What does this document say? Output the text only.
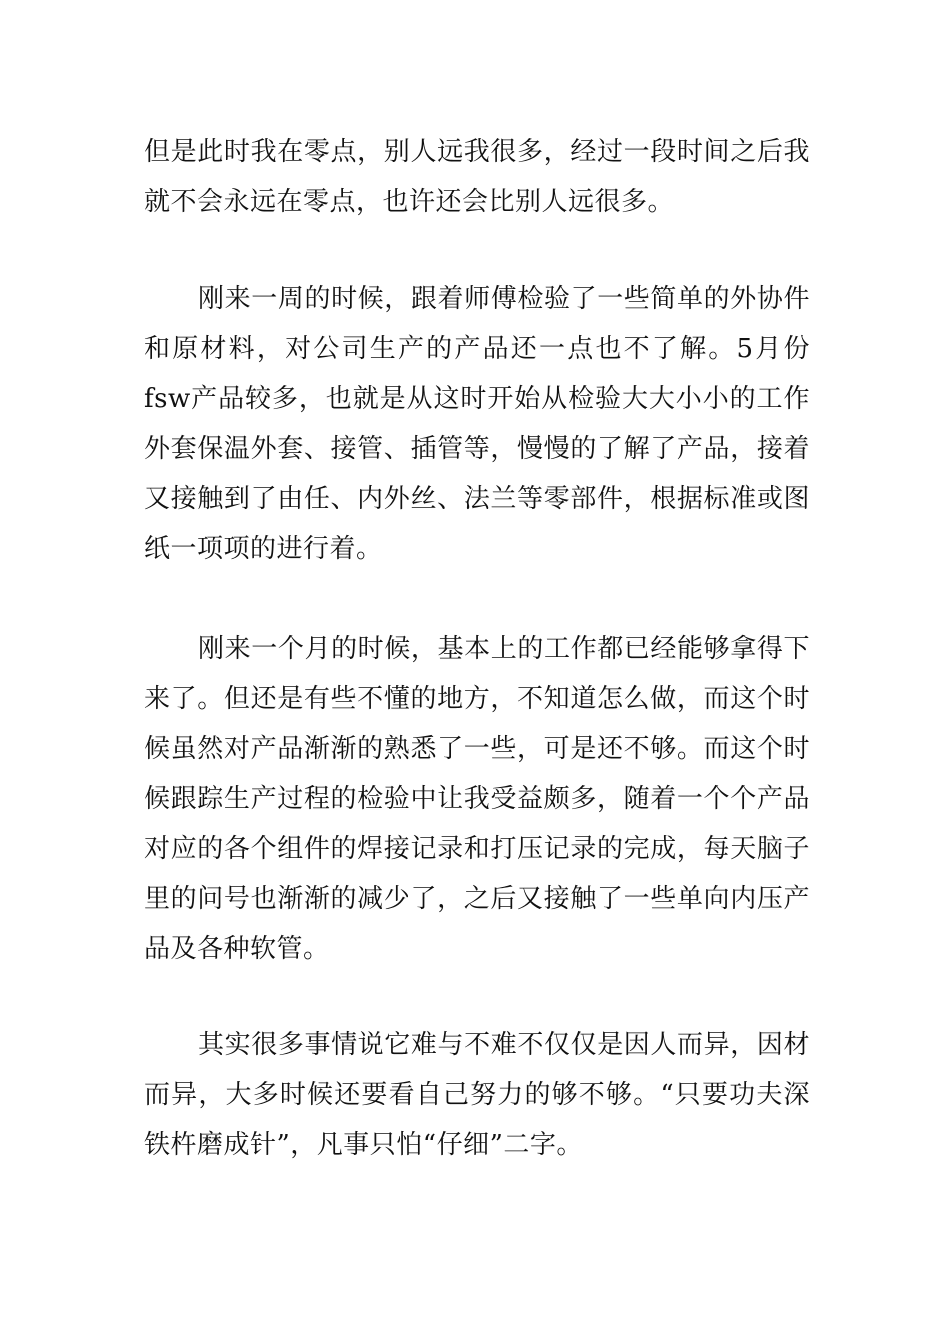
但是此时我在零点，别人远我很多，经过一段时间之后我就不会永远在零点，也许还会比别人远很多。

刚来一周的时候，跟着师傅检验了一些简单的外协件和原材料，对公司生产的产品还一点也不了解。5月份fsw产品较多，也就是从这时开始从检验大大小小的工作外套保温外套、接管、插管等，慢慢的了解了产品，接着又接触到了由任、内外丝、法兰等零部件，根据标准或图纸一项项的进行着。

刚来一个月的时候，基本上的工作都已经能够拿得下来了。但还是有些不懂的地方，不知道怎么做，而这个时候虽然对产品渐渐的熟悉了一些，可是还不够。而这个时候跟踪生产过程的检验中让我受益颇多，随着一个个产品对应的各个组件的焊接记录和打压记录的完成，每天脑子里的问号也渐渐的减少了，之后又接触了一些单向内压产品及各种软管。

其实很多事情说它难与不难不仅仅是因人而异，因材而异，大多时候还要看自己努力的够不够。“只要功夫深铁杵磨成针”，凡事只怕“仔细”二字。
